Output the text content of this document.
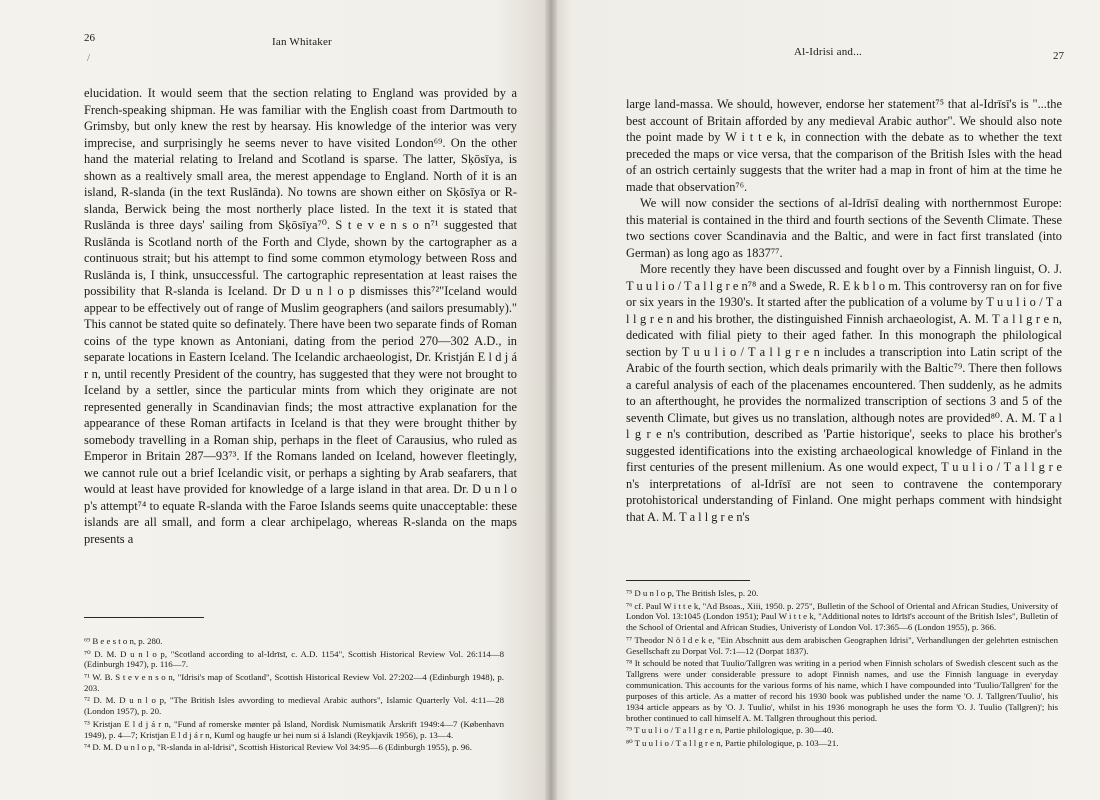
26	Ian Whitaker
/

elucidation. It would seem that the section relating to England was provided by a French-speaking shipman. He was familiar with the English coast from Dartmouth to Grimsby, but only knew the rest by hearsay. His knowledge of the interior was very imprecise, and surprisingly he seems never to have visited London⁶⁹. On the other hand the material relating to Ireland and Scotland is sparse. The latter, Sḳōsīya, is shown as a realtively small area, the merest appendage to England. North of it is an island, R-slanda (in the text Ruslānda). No towns are shown either on Sḳōsīya or R-slanda, Berwick being the most northerly place listed. In the text it is stated that Ruslānda is three days' sailing from Sḳōsīya⁷⁰. S t e v e n s o n⁷¹ suggested that Ruslānda is Scotland north of the Forth and Clyde, shown by the cartographer as a continuous strait; but his attempt to find some common etymology between Ross and Ruslānda is, I think, unsuccessful. The cartographic representation at least raises the possibility that R-slanda is Iceland. Dr D u n l o p dismisses this⁷²"Iceland would appear to be effectively out of range of Muslim geographers (and sailors presumably)." This cannot be stated quite so definately. There have been two separate finds of Roman coins of the type known as Antoniani, dating from the period 270—302 A.D., in separate locations in Eastern Iceland. The Icelandic archaeologist, Dr. Kristján E l d j á r n, until recently President of the country, has suggested that they were not brought to Iceland by a settler, since the particular mints from which they originate are not represented generally in Scandinavian finds; the most attractive explanation for the appearance of these Roman artifacts in Iceland is that they were brought thither by somebody travelling in a Roman ship, perhaps in the fleet of Carausius, who ruled as Emperor in Britain 287—93⁷³. If the Romans landed on Iceland, however fleetingly, we cannot rule out a brief Icelandic visit, or perhaps a sighting by Arab seafarers, that would at least have provided for knowledge of a large island in that area. Dr. D u n l o p's attempt⁷⁴ to equate R-slanda with the Faroe Islands seems quite unacceptable: these islands are all small, and form a clear archipelago, whereas R-slanda on the maps presents a

⁶⁹ B e e s t o n, p. 280.

⁷⁰ D. M. D u n l o p, "Scotland according to al-Idrīsī, c. A.D. 1154", Scottish Historical Review Vol. 26:114—8 (Edinburgh 1947), p. 116—7.

⁷¹ W. B. S t e v e n s o n, "Idrisi's map of Scotland", Scottish Historical Review Vol. 27:202—4 (Edinburgh 1948), p. 203.

⁷² D. M. D u n l o p, "The British Isles avvording to medieval Arabic authors", Islamic Quarterly Vol. 4:11—28 (London 1957), p. 20.

⁷³ Kristjan E l d j á r n, "Fund af romerske mønter på Island, Nordisk Numismatik Årskrift 1949:4—7 (København 1949), p. 4—7; Kristjan E l d j á r n, Kuml og haugfe ur hei num si á Islandi (Reykjavik 1956), p. 13—4.

⁷⁴ D. M. D u n l o p, "R-slanda in al-Idrisi", Scottish Historical Review Vol 34:95—6 (Edinburgh 1955), p. 96.

Al-Idrisi and...	27

large land-massa. We should, however, endorse her statement⁷⁵ that al-Idrīsī's is "...the best account of Britain afforded by any medieval Arabic author". We should also note the point made by W i t t e k, in connection with the debate as to whether the text preceded the maps or vice versa, that the comparison of the British Isles with the head of an ostrich certainly suggests that the writer had a map in front of him at the time he made that observation⁷⁶.

We will now consider the sections of al-Idrīsī dealing with northernmost Europe: this material is contained in the third and fourth sections of the Seventh Climate. These two sections cover Scandinavia and the Baltic, and were in fact first translated (into German) as long ago as 1837⁷⁷.

More recently they have been discussed and fought over by a Finnish linguist, O. J. T u u l i o / T a l l g r e n⁷⁸ and a Swede, R. E k b l o m. This controversy ran on for five or six years in the 1930's. It started after the publication of a volume by T u u l i o / T a l l g r e n and his brother, the distinguished Finnish archaeologist, A. M. T a l l g r e n, dedicated with filial piety to their aged father. In this monograph the philological section by T u u l i o / T a l l g r e n includes a transcription into Latin script of the Arabic of the fourth section, which deals primarily with the Baltic⁷⁹. There then follows a careful analysis of each of the placenames encountered. Then suddenly, as he admits to an afterthought, he provides the normalized transcription of sections 3 and 5 of the seventh Climate, but gives us no translation, although notes are provided⁸⁰. A. M. T a l l g r e n's contribution, described as 'Partie historique', seeks to place his brother's suggested identifications into the existing archaeological knowledge of Finland in the first centuries of the present millenium. As one would expect, T u u l i o / T a l l g r e n's interpretations of al-Idrīsī are not seen to contravene the contemporary protohistorical understanding of Finland. One might perhaps comment with hindsight that A. M. T a l l g r e n's

⁷⁵ D u n l o p, The British Isles, p. 20.

⁷⁶ cf. Paul W i t t e k, "Ad Bsoas., Xiii, 1950. p. 275", Bulletin of the School of Oriental and African Studies, University of London Vol. 13:1045 (London 1951); Paul W i t t e k, "Additional notes to Idrīsī's account of the British Isles", Bulletin of the School of Oriental and African Studies, Univeristy of London Vol. 17:365—6 (London 1955), p. 366.

⁷⁷ Theodor N ö l d e k e, "Ein Abschnitt aus dem arabischen Geographen Idrisi", Verhandlungen der gelehrten estnischen Gesellschaft zu Dorpat Vol. 7:1—12 (Dorpat 1837).

⁷⁸ It schould be noted that Tuulio/Tallgren was writing in a period when Finnish scholars of Swedish clescent such as the Tallgrens were under considerable pressure to adopt Finnish names, and use the Finnish language in everyday communication. This accounts for the various forms of his name, which I have compounded into 'Tuulio/Tallgren' for the purposes of this article. As a matter of record his 1930 book was published under the name 'O. J. Tallgren/Tuulio', his 1934 article appears as by 'O. J. Tuulio', whilst in his 1936 monograph he uses the form 'O. J. Tuulio (Tallgren)'; his brother continued to call himself A. M. Tallgren throughout this period.

⁷⁹ T u u l i o / T a l l g r e n, Partie philologique, p. 30—40.

⁸⁰ T u u l i o / T a l l g r e n, Partie philologique, p. 103—21.
